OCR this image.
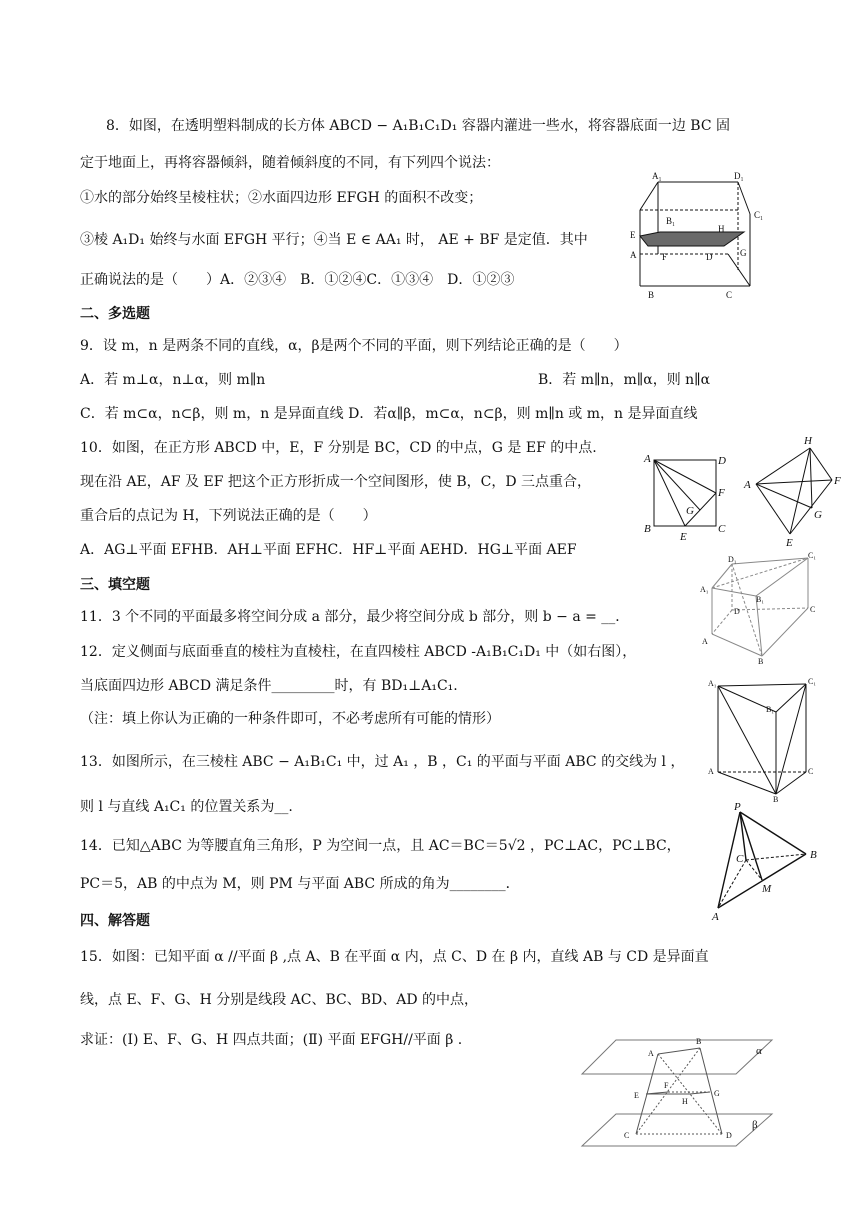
8．如图，在透明塑料制成的长方体 ABCD − A₁B₁C₁D₁ 容器内灌进一些水，将容器底面一边 BC 固
定于地面上，再将容器倾斜，随着倾斜度的不同，有下列四个说法：
①水的部分始终呈棱柱状；②水面四边形 EFGH 的面积不改变；
③棱 A₁D₁ 始终与水面 EFGH 平行；④当 E ∈ AA₁ 时， AE + BF 是定值．其中
正确说法的是（　　）A．②③④　B．①②④C．①③④　D．①②③
A₁	D₁
B₁
C₁
E
H
A	F	D	G
B	C
二、多选题
9．设 m，n 是两条不同的直线，α，β是两个不同的平面，则下列结论正确的是（　　）
A．若 m⊥α，n⊥α，则 m∥n	B．若 m∥n，m∥α，则 n∥α
C．若 m⊂α，n⊂β，则 m，n 是异面直线 D．若α∥β，m⊂α，n⊂β，则 m∥n 或 m，n 是异面直线
10．如图，在正方形 ABCD 中，E，F 分别是 BC，CD 的中点，G 是 EF 的中点.
现在沿 AE，AF 及 EF 把这个正方形折成一个空间图形，使 B，C，D 三点重合，
重合后的点记为 H，下列说法正确的是（　　）
A．AG⊥平面 EFHB．AH⊥平面 EFHC．HF⊥平面 AEHD．HG⊥平面 AEF
A	D
F
G
B
E
C
H
A	F
G
E
三、填空题
11．3 个不同的平面最多将空间分成 a 部分，最少将空间分成 b 部分，则 b − a = __．
12．定义侧面与底面垂直的棱柱为直棱柱，在直四棱柱 ABCD -A₁B₁C₁D₁ 中（如右图），
当底面四边形 ABCD 满足条件_________时，有 BD₁⊥A₁C₁.
（注：填上你认为正确的一种条件即可，不必考虑所有可能的情形）
D₁	C₁
A₁
B₁
D	C
A
B
13．如图所示，在三棱柱 ABC − A₁B₁C₁ 中，过 A₁ ，B ，C₁ 的平面与平面 ABC 的交线为 l ，
则 l 与直线 A₁C₁ 的位置关系为__.
A₁	C₁
B₁
A	C
B
14．已知△ABC 为等腰直角三角形，P 为空间一点，且 AC＝BC＝5√2 ，PC⊥AC，PC⊥BC，
PC＝5，AB 的中点为 M，则 PM 与平面 ABC 所成的角为________．
P
C	B
M
A
四、解答题
15．如图：已知平面 α //平面 β ,点 A、B 在平面 α 内，点 C、D 在 β 内，直线 AB 与 CD 是异面直
线，点 E、F、G、H 分别是线段 AC、BC、BD、AD 的中点，
求证：(Ⅰ) E、F、G、H 四点共面；(Ⅱ) 平面 EFGH//平面 β .
A
B
α
F
E
H
G
C	D
β
